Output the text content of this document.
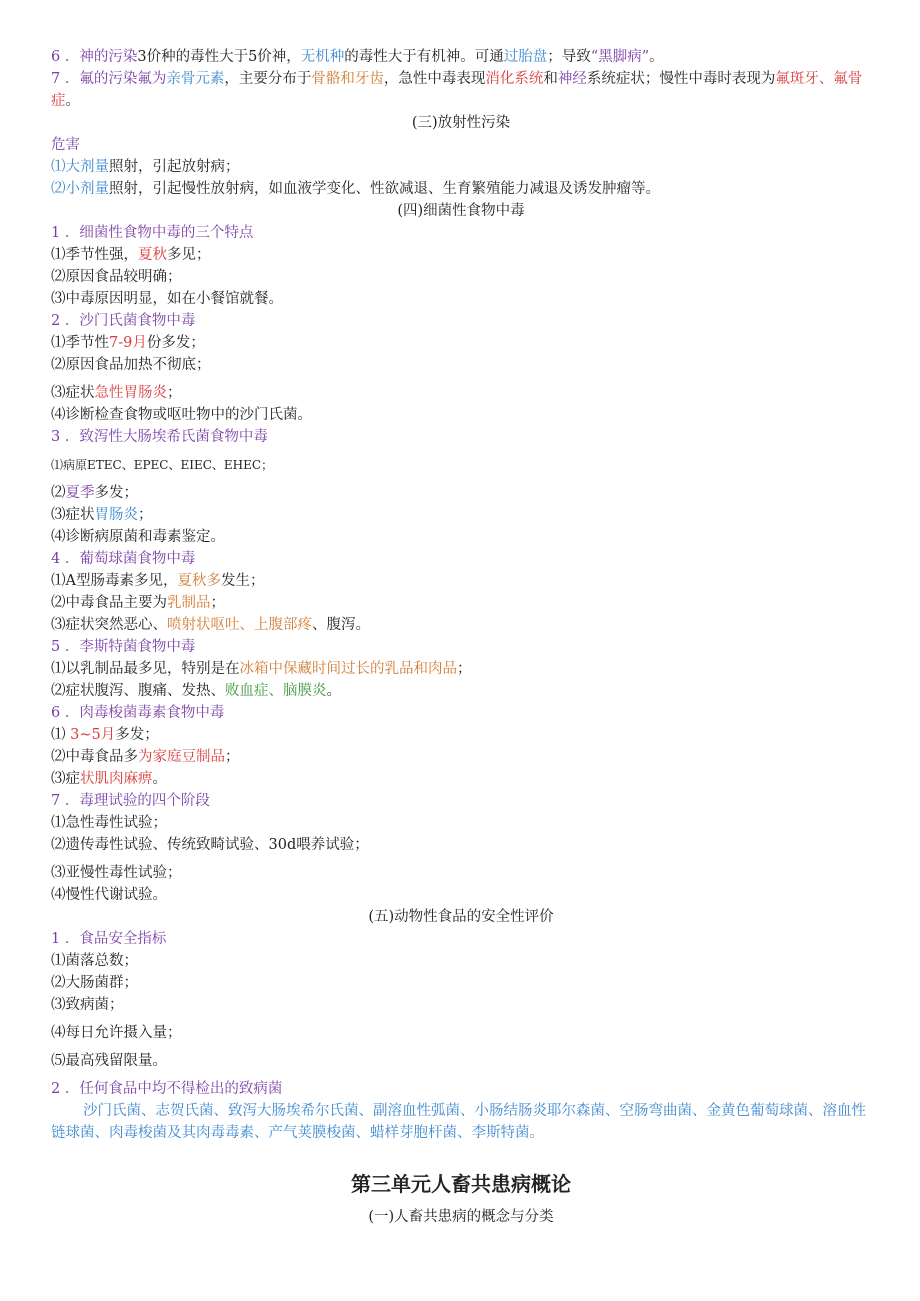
6 ．神的污染3价种的毒性大于5价神，无机种的毒性大于有机神。可通过胎盘；导致“黑脚病”。
7 ．氟的污染氟为亲骨元素，主要分布于骨骼和牙齿，急性中毒表现消化系统和神经系统症状；慢性中毒时表现为氟斑牙、氟骨症。
(三)放射性污染
危害
⑴大剂量照射，引起放射病；
⑵小剂量照射，引起慢性放射病，如血液学变化、性欲减退、生育繁殖能力减退及诱发肿瘤等。
(四)细菌性食物中毒
1 ．细菌性食物中毒的三个特点
⑴季节性强，夏秋多见；
⑵原因食品较明确；
⑶中毒原因明显，如在小餐馆就餐。
2 ．沙门氏菌食物中毒
⑴季节性7-9月份多发；
⑵原因食品加热不彻底；
⑶症状急性胃肠炎；
⑷诊断检查食物或呕吐物中的沙门氏菌。
3 ．致泻性大肠埃希氏菌食物中毒
⑴病原ETEC、EPEC、EIEC、EHEC；
⑵夏季多发；
⑶症状胃肠炎；
⑷诊断病原菌和毒素鉴定。
4 ．葡萄球菌食物中毒
⑴A型肠毒素多见，夏秋多发生；
⑵中毒食品主要为乳制品；
⑶症状突然恶心、喷射状呕吐、上腹部疼、腹泻。
5 ．李斯特菌食物中毒
⑴以乳制品最多见，特别是在冰箱中保藏时间过长的乳品和肉品；
⑵症状腹泻、腹痛、发热、败血症、脑膜炎。
6 ．肉毒梭菌毒素食物中毒
⑴ 3~5月多发；
⑵中毒食品多为家庭豆制品；
⑶症状肌肉麻痹。
7 ．毒理试验的四个阶段
⑴急性毒性试验；
⑵遗传毒性试验、传统致畸试验、30d喂养试验；
⑶亚慢性毒性试验；
⑷慢性代谢试验。
(五)动物性食品的安全性评价
1 ．食品安全指标
⑴菌落总数；
⑵大肠菌群；
⑶致病菌；
⑷每日允许摄入量；
⑸最高残留限量。
2 ．任何食品中均不得检出的致病菌
沙门氏菌、志贺氏菌、致泻大肠埃希尔氏菌、副溶血性弧菌、小肠结肠炎耶尔森菌、空肠弯曲菌、金黄色葡萄球菌、溶血性链球菌、肉毒梭菌及其肉毒毒素、产气荚膜梭菌、蜡样芽胞杆菌、李斯特菌。
第三单元人畜共患病概论
(一)人畜共患病的概念与分类
